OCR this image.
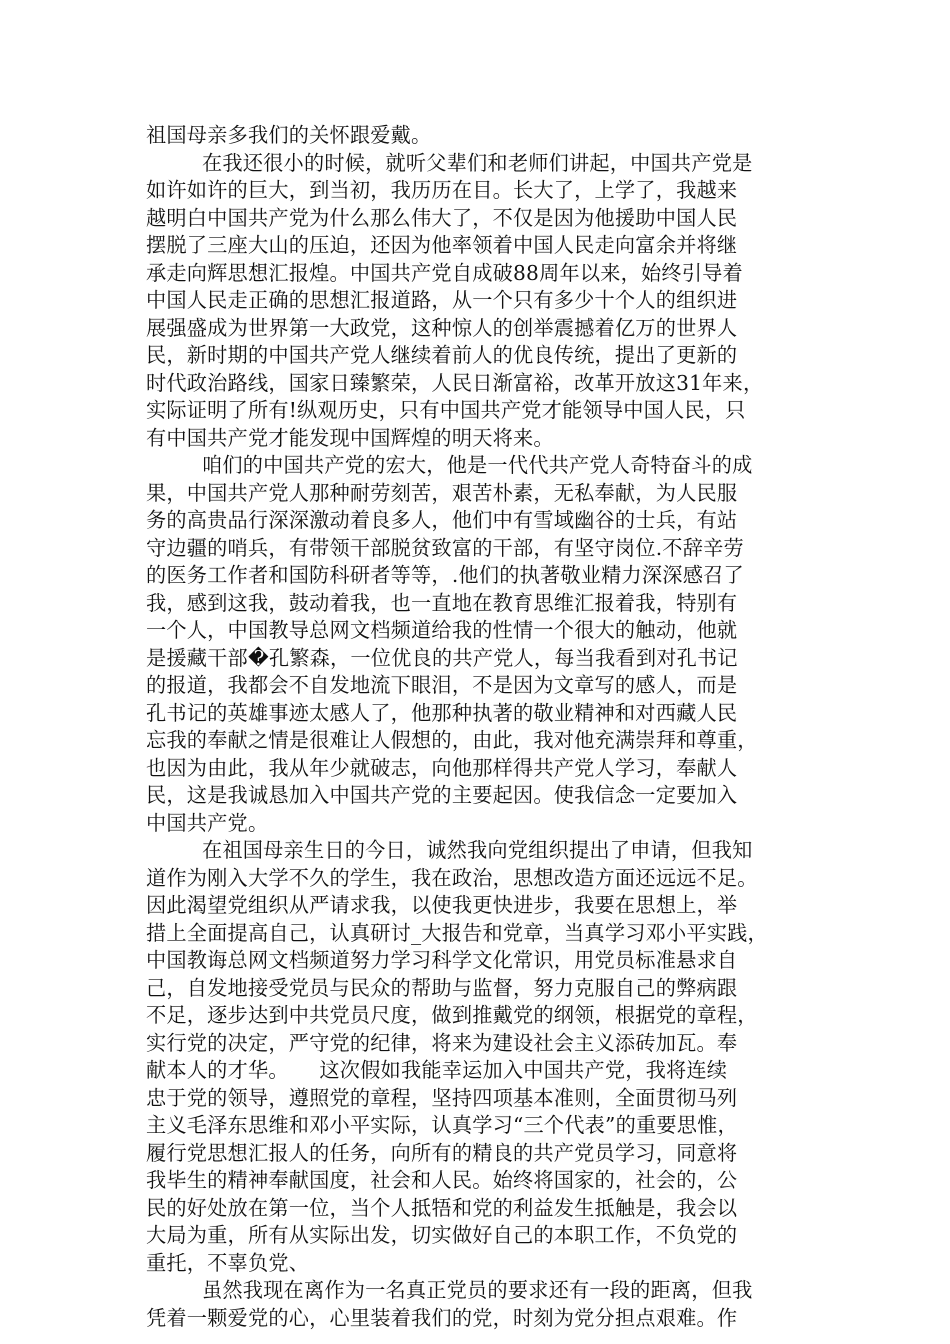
祖国母亲多我们的关怀跟爱戴。
在我还很小的时候，就听父辈们和老师们讲起，中国共产党是
如许如许的巨大，到当初，我历历在目。长大了，上学了，我越来
越明白中国共产党为什么那么伟大了，不仅是因为他援助中国人民
摆脱了三座大山的压迫，还因为他率领着中国人民走向富余并将继
承走向辉思想汇报煌。中国共产党自成破88周年以来，始终引导着
中国人民走正确的思想汇报道路，从一个只有多少十个人的组织进
展强盛成为世界第一大政党，这种惊人的创举震撼着亿万的世界人
民，新时期的中国共产党人继续着前人的优良传统，提出了更新的
时代政治路线，国家日臻繁荣，人民日渐富裕，改革开放这31年来，
实际证明了所有!纵观历史，只有中国共产党才能领导中国人民，只
有中国共产党才能发现中国辉煌的明天将来。
咱们的中国共产党的宏大，他是一代代共产党人奇特奋斗的成
果，中国共产党人那种耐劳刻苦，艰苦朴素，无私奉献，为人民服
务的高贵品行深深激动着良多人，他们中有雪域幽谷的士兵，有站
守边疆的哨兵，有带领干部脱贫致富的干部，有坚守岗位.不辞辛劳
的医务工作者和国防科研者等等，.他们的执著敬业精力深深感召了
我，感到这我，鼓动着我，也一直地在教育思维汇报着我，特别有
一个人，中国教导总网文档频道给我的性情一个很大的触动，他就
是援藏干部�孔繁森，一位优良的共产党人，每当我看到对孔书记
的报道，我都会不自发地流下眼泪，不是因为文章写的感人，而是
孔书记的英雄事迹太感人了，他那种执著的敬业精神和对西藏人民
忘我的奉献之情是很难让人假想的，由此，我对他充满崇拜和尊重，
也因为由此，我从年少就破志，向他那样得共产党人学习，奉献人
民，这是我诚恳加入中国共产党的主要起因。使我信念一定要加入
中国共产党。
在祖国母亲生日的今日，诚然我向党组织提出了申请，但我知
道作为刚入大学不久的学生，我在政治，思想改造方面还远远不足。
因此渴望党组织从严请求我，以使我更快进步，我要在思想上，举
措上全面提高自己，认真研讨_大报告和党章，当真学习邓小平实践，
中国教诲总网文档频道努力学习科学文化常识，用党员标准悬求自
己，自发地接受党员与民众的帮助与监督，努力克服自己的弊病跟
不足，逐步达到中共党员尺度，做到推戴党的纲领，根据党的章程，
实行党的决定，严守党的纪律，将来为建设社会主义添砖加瓦。奉
献本人的才华。　　这次假如我能幸运加入中国共产党，我将连续
忠于党的领导，遵照党的章程，坚持四项基本准则，全面贯彻马列
主义毛泽东思维和邓小平实际，认真学习“三个代表”的重要思惟，
履行党思想汇报人的任务，向所有的精良的共产党员学习，同意将
我毕生的精神奉献国度，社会和人民。始终将国家的，社会的，公
民的好处放在第一位，当个人抵牾和党的利益发生抵触是，我会以
大局为重，所有从实际出发，切实做好自己的本职工作，不负党的
重托，不辜负党、
虽然我现在离作为一名真正党员的要求还有一段的距离，但我
凭着一颗爱党的心，心里装着我们的党，时刻为党分担点艰难。作
